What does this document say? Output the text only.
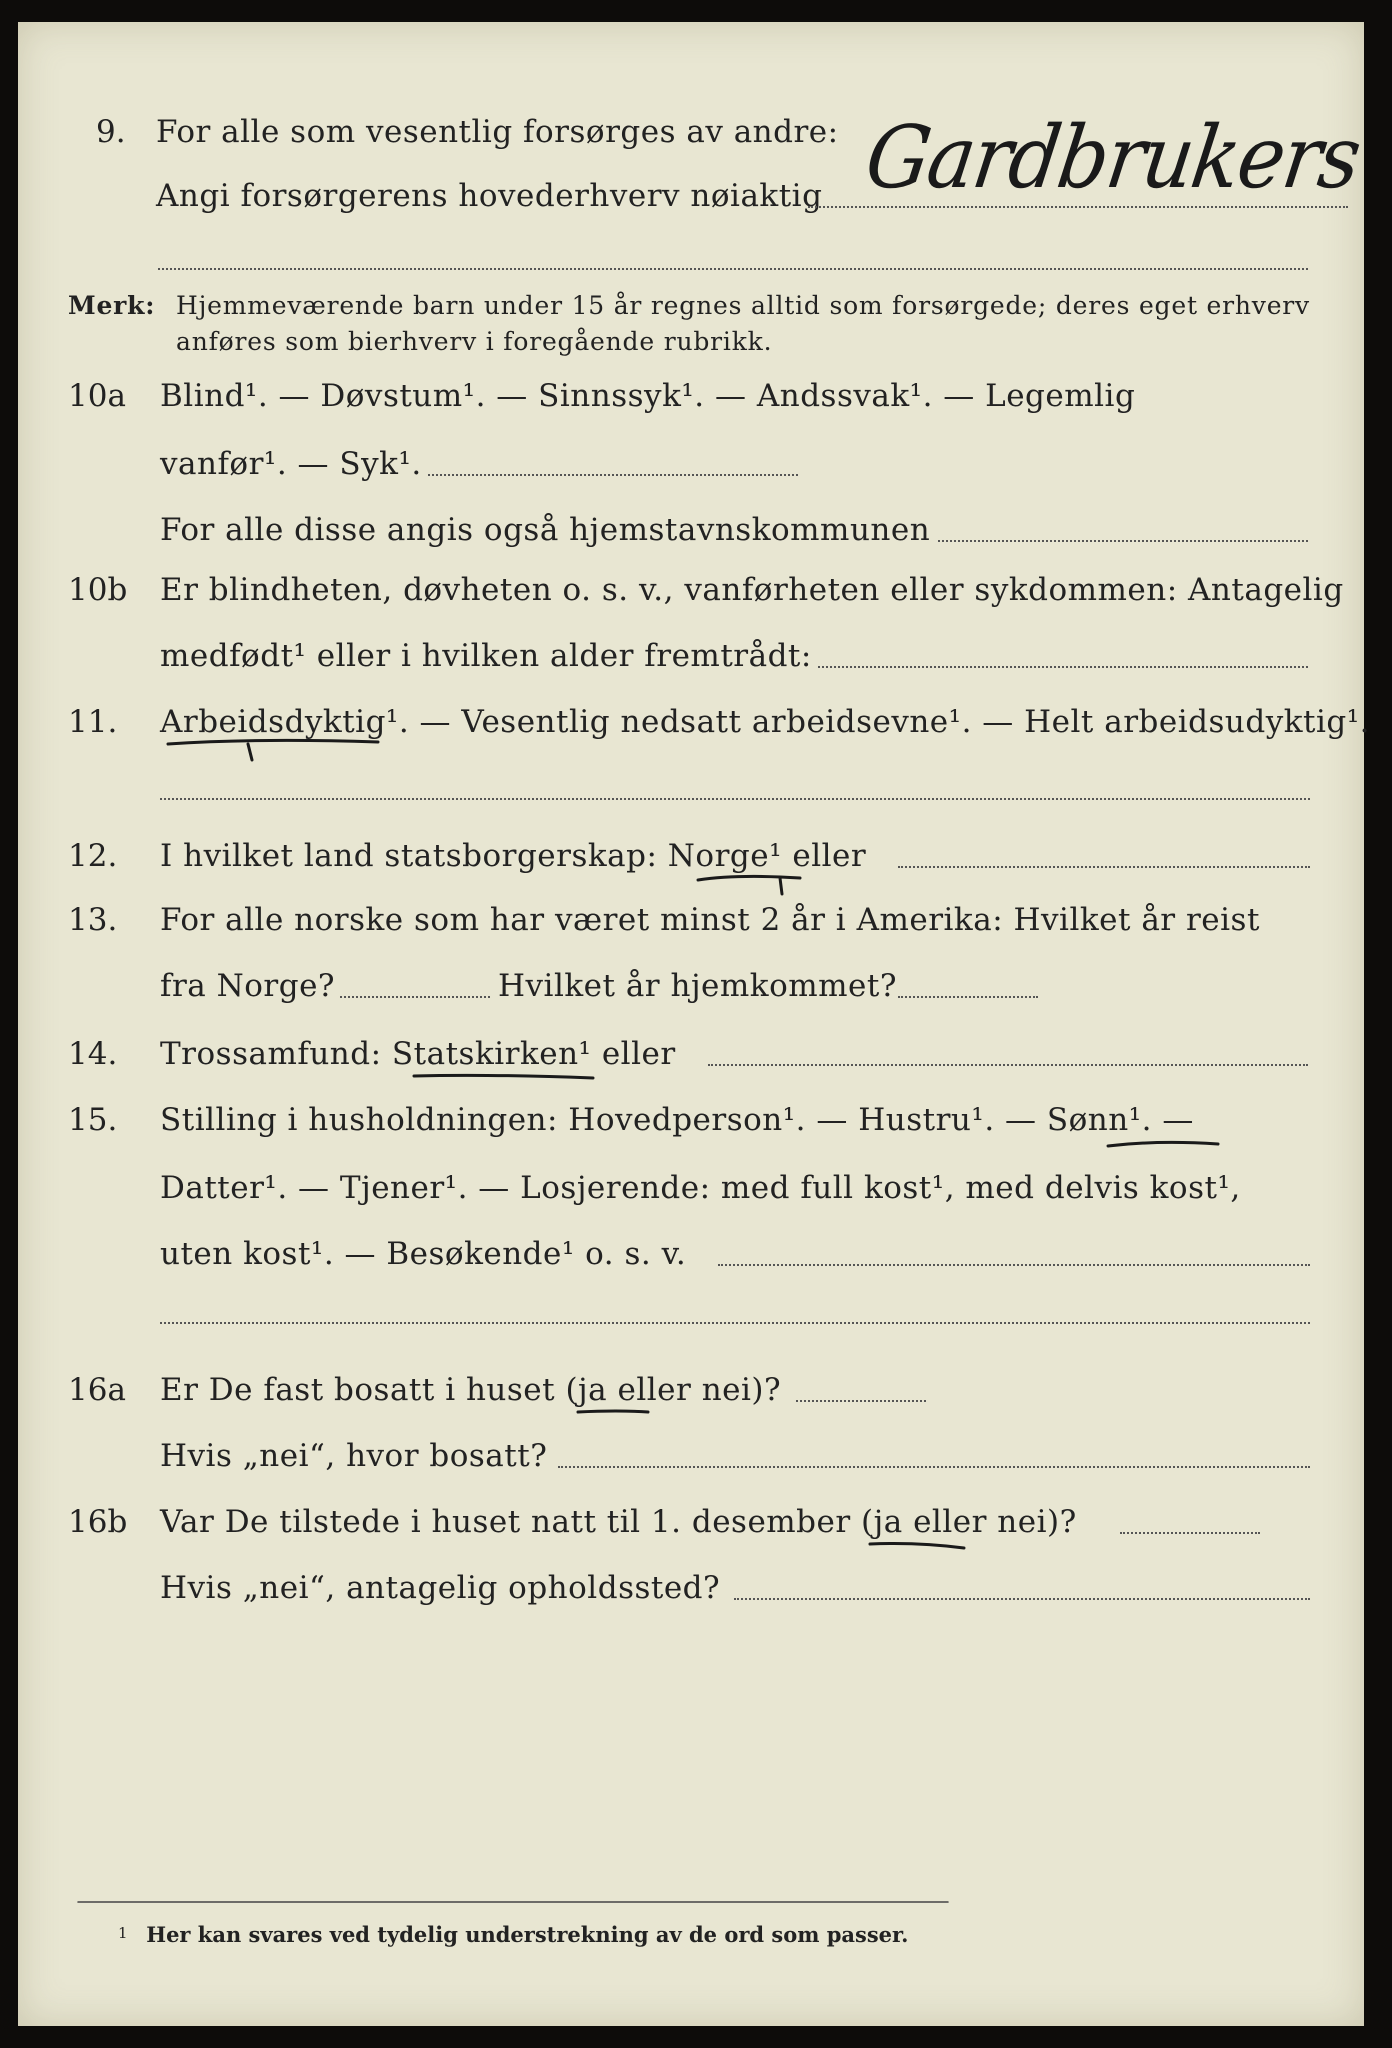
9. For alle som vesentlig forsørges av andre:
Angi forsørgerens hovederhverv nøiaktig Gardbrukers
Merk: Hjemmeværende barn under 15 år regnes alltid som forsørgede; deres eget erhverv
anføres som bierhverv i foregående rubrikk.
10a	Blind¹. — Døvstum¹. — Sinnssyk¹. — Andssvak¹. — Legemlig
vanfør¹. — Syk¹.
For alle disse angis også hjemstavnskommunen
10b	Er blindheten, døvheten o. s. v., vanførheten eller sykdommen: Antagelig
medfødt¹ eller i hvilken alder fremtrådt:
11.	Arbeidsdyktig¹. — Vesentlig nedsatt arbeidsevne¹. — Helt arbeidsudyktig¹.
12.	I hvilket land statsborgerskap: Norge¹ eller
13.	For alle norske som har været minst 2 år i Amerika: Hvilket år reist
fra Norge?	Hvilket år hjemkommet?
14.	Trossamfund: Statskirken¹ eller
15.	Stilling i husholdningen: Hovedperson¹. — Hustru¹. — Sønn¹. —
Datter¹. — Tjener¹. — Losjerende: med full kost¹, med delvis kost¹,
uten kost¹. — Besøkende¹ o. s. v.
16a	Er De fast bosatt i huset (ja eller nei)?
Hvis „nei“, hvor bosatt?
16b	Var De tilstede i huset natt til 1. desember (ja eller nei)?
Hvis „nei“, antagelig opholdssted?
1 Her kan svares ved tydelig understrekning av de ord som passer.
